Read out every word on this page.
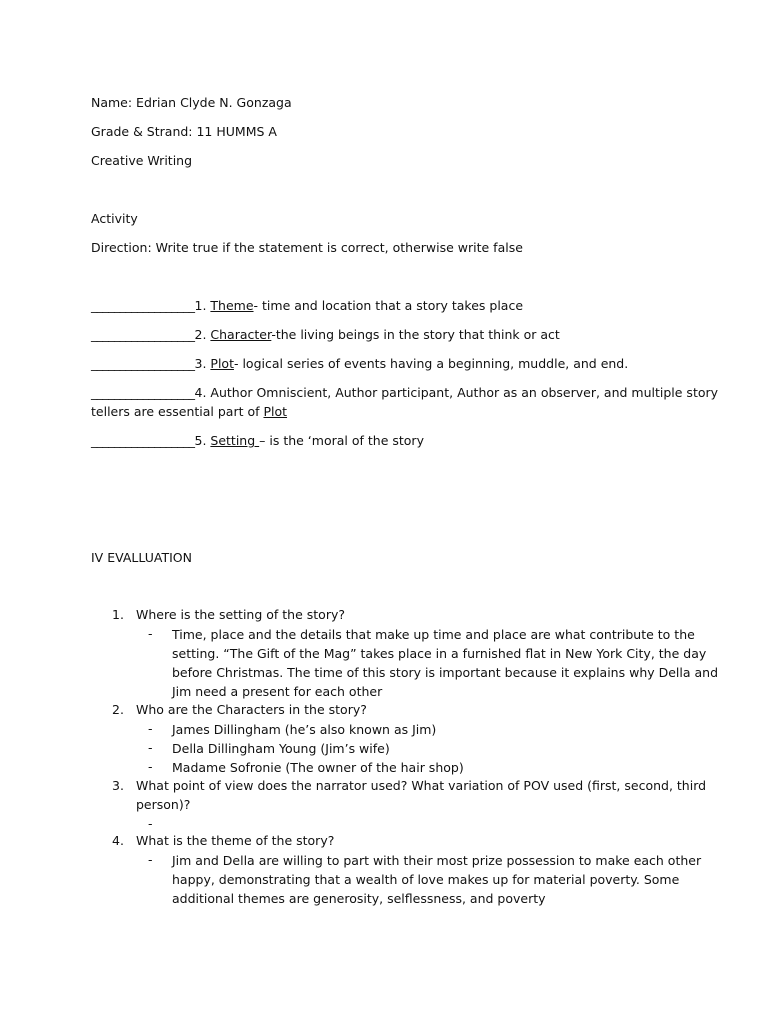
Name: Edrian Clyde N. Gonzaga
Grade & Strand: 11 HUMMS A
Creative Writing
Activity
Direction: Write true if the statement is correct, otherwise write false
__________________1. Theme- time and location that a story takes place
__________________2. Character-the living beings in the story that think or act
__________________3. Plot- logical series of events having a beginning, muddle, and end.
__________________4. Author Omniscient, Author participant, Author as an observer, and multiple story
tellers are essential part of Plot
__________________5. Setting – is the ‘moral of the story
IV EVALLUATION
1. Where is the setting of the story?
- Time, place and the details that make up time and place are what contribute to the
setting. “The Gift of the Mag” takes place in a furnished flat in New York City, the day
before Christmas. The time of this story is important because it explains why Della and
Jim need a present for each other
2. Who are the Characters in the story?
- James Dillingham (he’s also known as Jim)
- Della Dillingham Young (Jim’s wife)
- Madame Sofronie (The owner of the hair shop)
3. What point of view does the narrator used? What variation of POV used (first, second, third
person)?
-
4. What is the theme of the story?
- Jim and Della are willing to part with their most prize possession to make each other
happy, demonstrating that a wealth of love makes up for material poverty. Some
additional themes are generosity, selflessness, and poverty
